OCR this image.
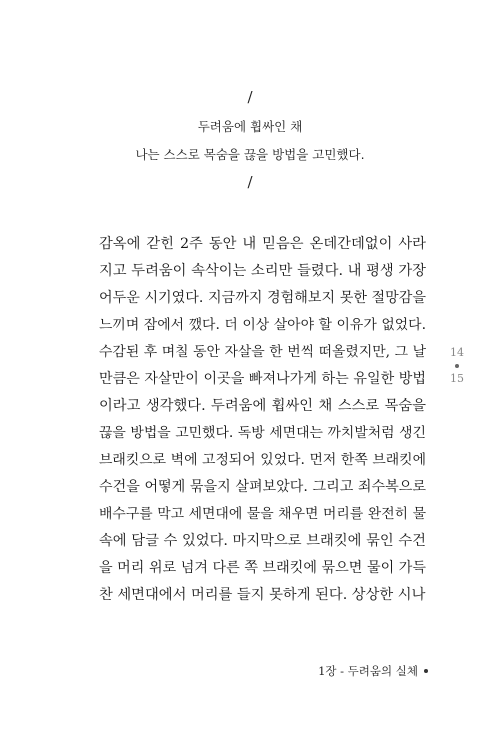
/
두려움에 휩싸인 채
나는 스스로 목숨을 끊을 방법을 고민했다.
/
감옥에 갇힌 2주 동안 내 믿음은 온데간데없이 사라
지고 두려움이 속삭이는 소리만 들렸다. 내 평생 가장
어두운 시기였다. 지금까지 경험해보지 못한 절망감을
느끼며 잠에서 깼다. 더 이상 살아야 할 이유가 없었다.
수감된 후 며칠 동안 자살을 한 번씩 떠올렸지만, 그 날
만큼은 자살만이 이곳을 빠져나가게 하는 유일한 방법
이라고 생각했다. 두려움에 휩싸인 채 스스로 목숨을
끊을 방법을 고민했다. 독방 세면대는 까치발처럼 생긴
브래킷으로 벽에 고정되어 있었다. 먼저 한쪽 브래킷에
수건을 어떻게 묶을지 살펴보았다. 그리고 죄수복으로
배수구를 막고 세면대에 물을 채우면 머리를 완전히 물
속에 담글 수 있었다. 마지막으로 브래킷에 묶인 수건
을 머리 위로 넘겨 다른 쪽 브래킷에 묶으면 물이 가득
찬 세면대에서 머리를 들지 못하게 된다. 상상한 시나
14
15
1장 - 두려움의 실체
